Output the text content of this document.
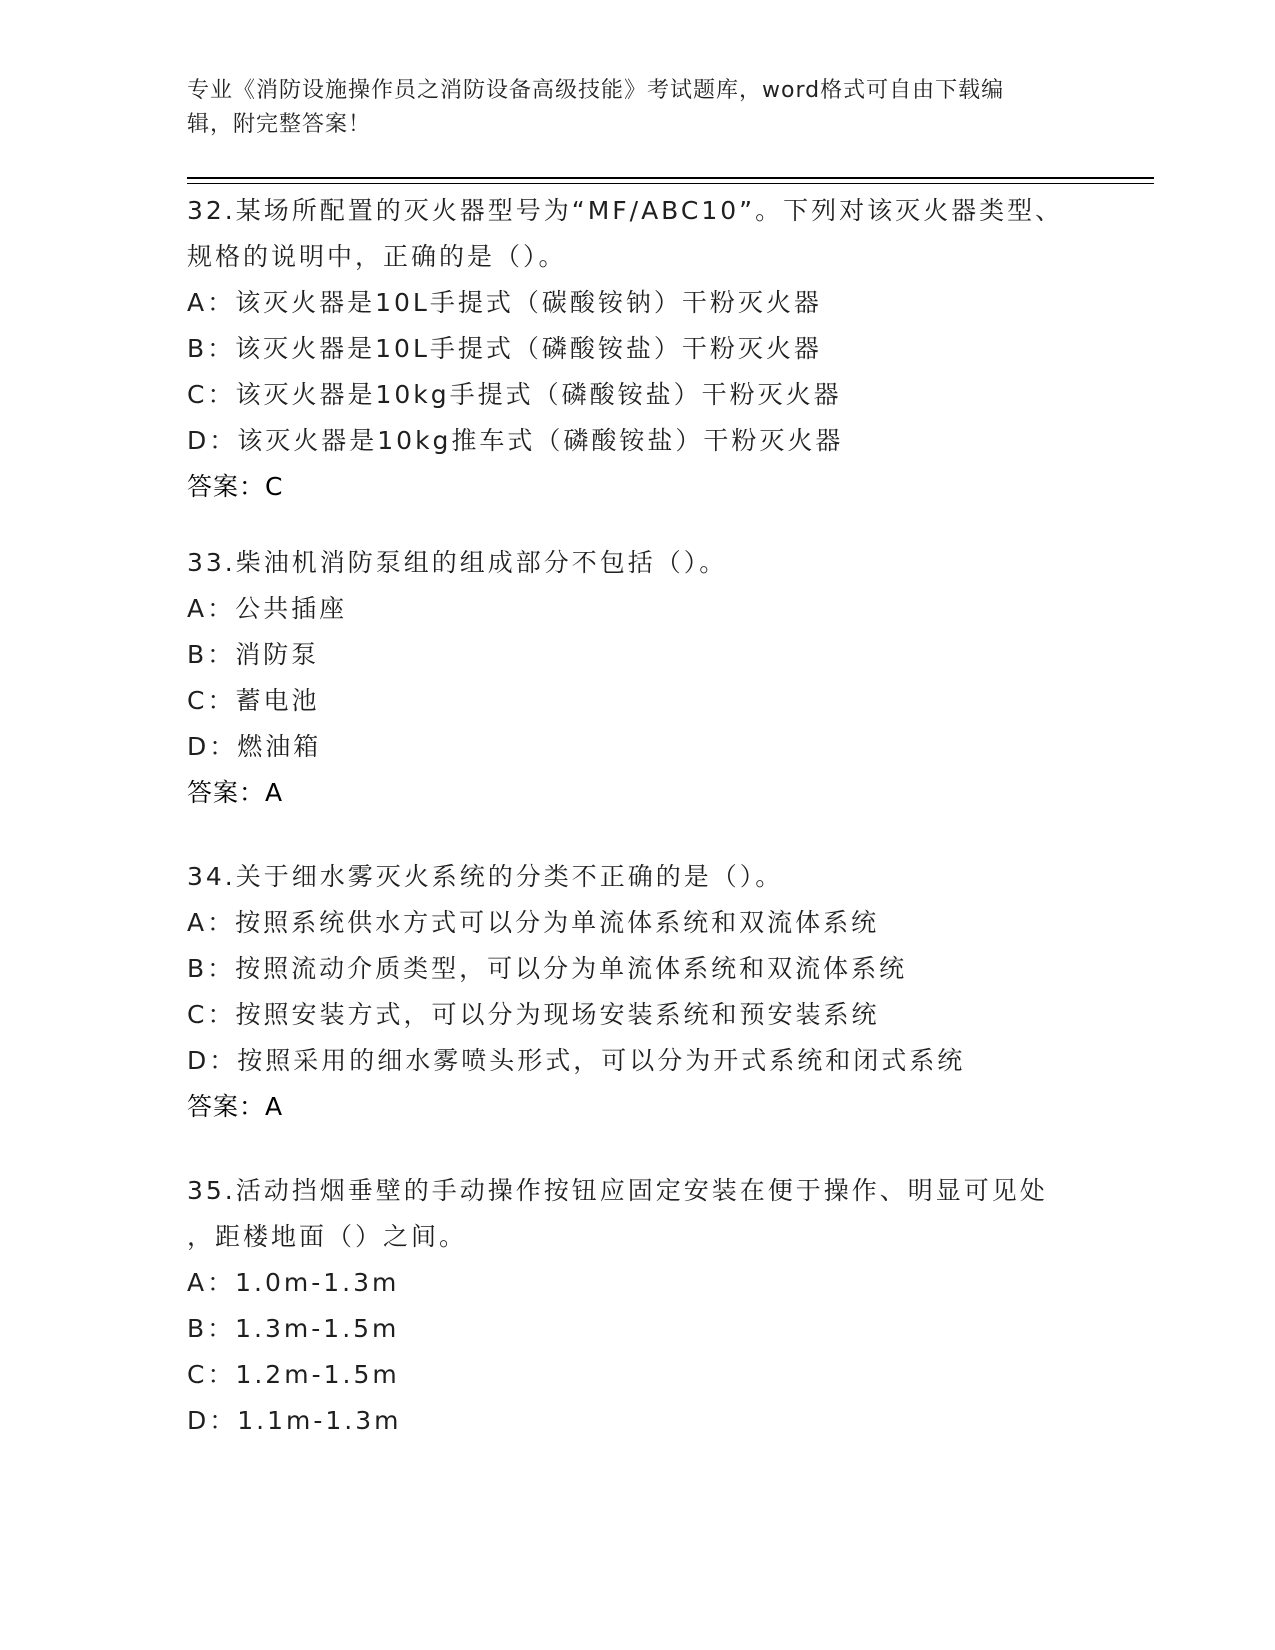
专业《消防设施操作员之消防设备高级技能》考试题库，word格式可自由下载编
辑，附完整答案！
32.某场所配置的灭火器型号为“MF/ABC10”。下列对该灭火器类型、
规格的说明中，正确的是（）。
A：该灭火器是10L手提式（碳酸铵钠）干粉灭火器
B：该灭火器是10L手提式（磷酸铵盐）干粉灭火器
C：该灭火器是10kg手提式（磷酸铵盐）干粉灭火器
D：该灭火器是10kg推车式（磷酸铵盐）干粉灭火器
答案：C
33.柴油机消防泵组的组成部分不包括（）。
A：公共插座
B：消防泵
C：蓄电池
D：燃油箱
答案：A
34.关于细水雾灭火系统的分类不正确的是（）。
A：按照系统供水方式可以分为单流体系统和双流体系统
B：按照流动介质类型，可以分为单流体系统和双流体系统
C：按照安装方式，可以分为现场安装系统和预安装系统
D：按照采用的细水雾喷头形式，可以分为开式系统和闭式系统
答案：A
35.活动挡烟垂壁的手动操作按钮应固定安装在便于操作、明显可见处
，距楼地面（）之间。
A：1.0m-1.3m
B：1.3m-1.5m
C：1.2m-1.5m
D：1.1m-1.3m
